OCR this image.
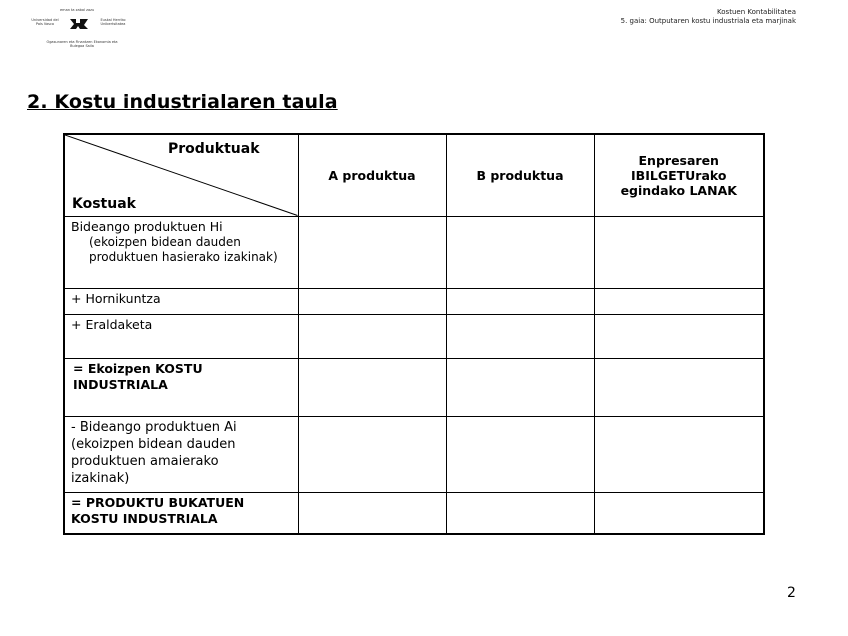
eman ta zabal zazu
Universidad del País Vasco
Euskal Herriko Unibertsitatea
Ogasunaren eta Finantzen Ekonomia eta Bulegoa Saila
Kostuen Kontabilitatea
5. gaia: Outputaren kostu industriala eta marjinak
2. Kostu industrialaren taula
Produktuak
Kostuak	A produktua	B produktua	Enpresaren IBILGETUrako egindako LANAK

Bideango produktuen Hi
(ekoizpen bidean dauden produktuen hasierako izakinak)			

+ Hornikuntza			
+ Eraldaketa			
= Ekoizpen KOSTU INDUSTRIALA			
- Bideango produktuen Ai (ekoizpen bidean dauden produktuen amaierako izakinak)			
= PRODUKTU BUKATUEN KOSTU INDUSTRIALA			
2
